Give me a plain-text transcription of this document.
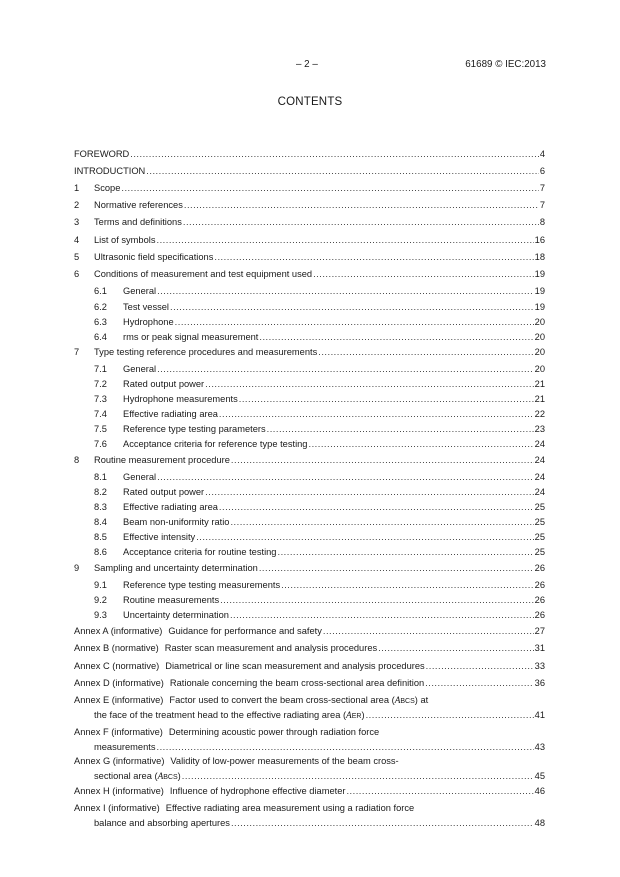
– 2 –	61689 © IEC:2013
CONTENTS
FOREWORD .....	4
INTRODUCTION .....	6
1	Scope .....	7
2	Normative references .....	7
3	Terms and definitions .....	8
4	List of symbols .....	16
5	Ultrasonic field specifications .....	18
6	Conditions of measurement and test equipment used .....	19
6.1	General .....	19
6.2	Test vessel .....	19
6.3	Hydrophone .....	20
6.4	rms or peak signal measurement .....	20
7	Type testing reference procedures and measurements .....	20
7.1	General .....	20
7.2	Rated output power .....	21
7.3	Hydrophone measurements .....	21
7.4	Effective radiating area .....	22
7.5	Reference type testing parameters .....	23
7.6	Acceptance criteria for reference type testing .....	24
8	Routine measurement procedure .....	24
8.1	General .....	24
8.2	Rated output power .....	24
8.3	Effective radiating area .....	25
8.4	Beam non-uniformity ratio .....	25
8.5	Effective intensity .....	25
8.6	Acceptance criteria for routine testing .....	25
9	Sampling and uncertainty determination .....	26
9.1	Reference type testing measurements .....	26
9.2	Routine measurements .....	26
9.3	Uncertainty determination .....	26
Annex A (informative) Guidance for performance and safety .....	27
Annex B (normative) Raster scan measurement and analysis procedures .....	31
Annex C (normative) Diametrical or line scan measurement and analysis procedures .....	33
Annex D (informative) Rationale concerning the beam cross-sectional area definition .....	36
Annex E (informative) Factor used to convert the beam cross-sectional area ( A BCS ) at
the face of the treatment head to the effective radiating area ( A ER ) .....	41
Annex F (informative) Determining acoustic power through radiation force
measurements .....	43
Annex G (informative) Validity of low-power measurements of the beam cross-
sectional area ( A BCS ) .....	45
Annex H (informative) Influence of hydrophone effective diameter .....	46
Annex I (informative) Effective radiating area measurement using a radiation force
balance and absorbing apertures .....	48
